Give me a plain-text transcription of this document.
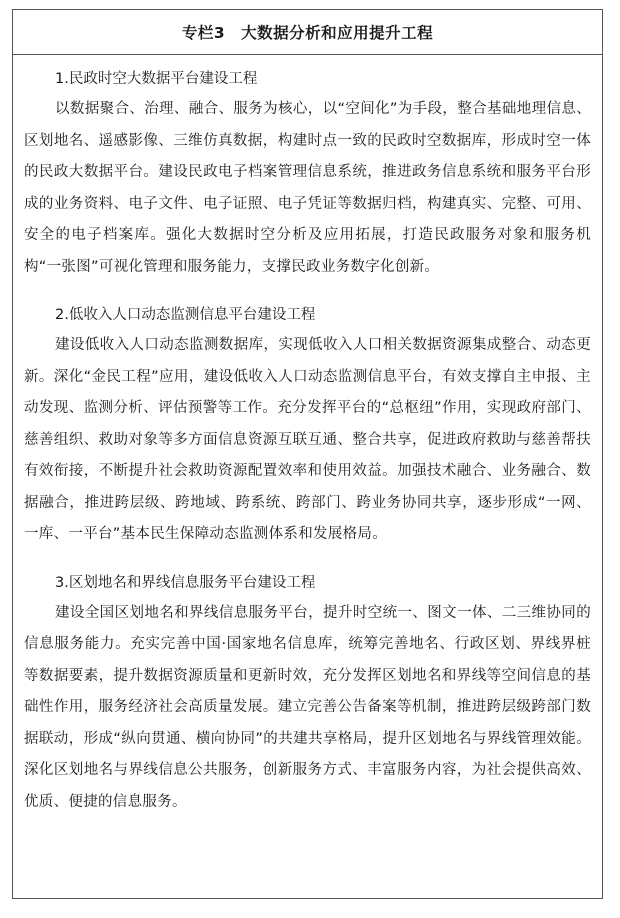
专栏3　大数据分析和应用提升工程
1.民政时空大数据平台建设工程

以数据聚合、治理、融合、服务为核心，以“空间化”为手段，整合基础地理信息、区划地名、遥感影像、三维仿真数据，构建时点一致的民政时空数据库，形成时空一体的民政大数据平台。建设民政电子档案管理信息系统，推进政务信息系统和服务平台形成的业务资料、电子文件、电子证照、电子凭证等数据归档，构建真实、完整、可用、安全的电子档案库。强化大数据时空分析及应用拓展，打造民政服务对象和服务机构“一张图”可视化管理和服务能力，支撑民政业务数字化创新。

2.低收入人口动态监测信息平台建设工程

建设低收入人口动态监测数据库，实现低收入人口相关数据资源集成整合、动态更新。深化“金民工程”应用，建设低收入人口动态监测信息平台，有效支撑自主申报、主动发现、监测分析、评估预警等工作。充分发挥平台的“总枢纽”作用，实现政府部门、慈善组织、救助对象等多方面信息资源互联互通、整合共享，促进政府救助与慈善帮扶有效衔接，不断提升社会救助资源配置效率和使用效益。加强技术融合、业务融合、数据融合，推进跨层级、跨地域、跨系统、跨部门、跨业务协同共享，逐步形成“一网、一库、一平台”基本民生保障动态监测体系和发展格局。

3.区划地名和界线信息服务平台建设工程

建设全国区划地名和界线信息服务平台，提升时空统一、图文一体、二三维协同的信息服务能力。充实完善中国·国家地名信息库，统筹完善地名、行政区划、界线界桩等数据要素，提升数据资源质量和更新时效，充分发挥区划地名和界线等空间信息的基础性作用，服务经济社会高质量发展。建立完善公告备案等机制，推进跨层级跨部门数据联动，形成“纵向贯通、横向协同”的共建共享格局，提升区划地名与界线管理效能。深化区划地名与界线信息公共服务，创新服务方式、丰富服务内容，为社会提供高效、优质、便捷的信息服务。
